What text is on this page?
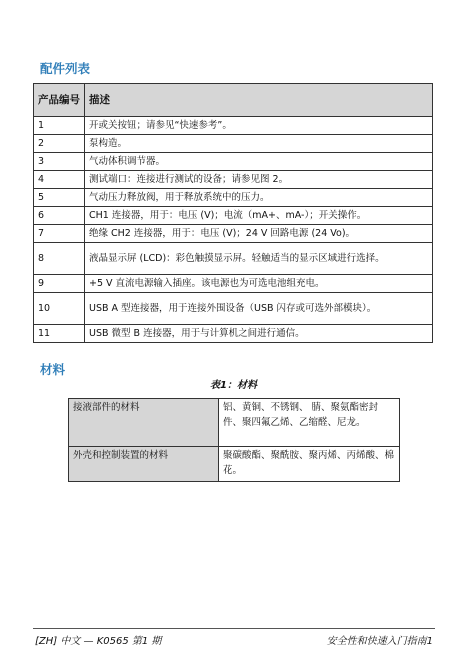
配件列表
产品编号	描述
1	开或关按钮；请参见“快速参考”。
2	泵构造。
3	气动体积调节器。
4	测试端口：连接进行测试的设备；请参见图 2。
5	气动压力释放阀，用于释放系统中的压力。
6	CH1 连接器，用于：电压 (V)；电流（mA+、mA-）；开关操作。
7	绝缘 CH2 连接器，用于：电压 (V)；24 V 回路电源 (24 Vo)。
8	液晶显示屏 (LCD)：彩色触摸显示屏。轻触适当的显示区域进行选择。
9	+5 V 直流电源输入插座。该电源也为可选电池组充电。
10	USB A 型连接器，用于连接外围设备（USB 闪存或可选外部模块）。
11	USB 微型 B 连接器，用于与计算机之间进行通信。
材料
表1：材料
接液部件的材料	铝、黄铜、不锈钢、 腈、聚氨酯密封件、聚四氟乙烯、乙缩醛、尼龙。
外壳和控制装置的材料	聚碳酸酯、聚酰胺、聚丙烯、丙烯酸、棉花。
[ZH] 中文 — K0565 第1 期	安全性和快速入门指南1
